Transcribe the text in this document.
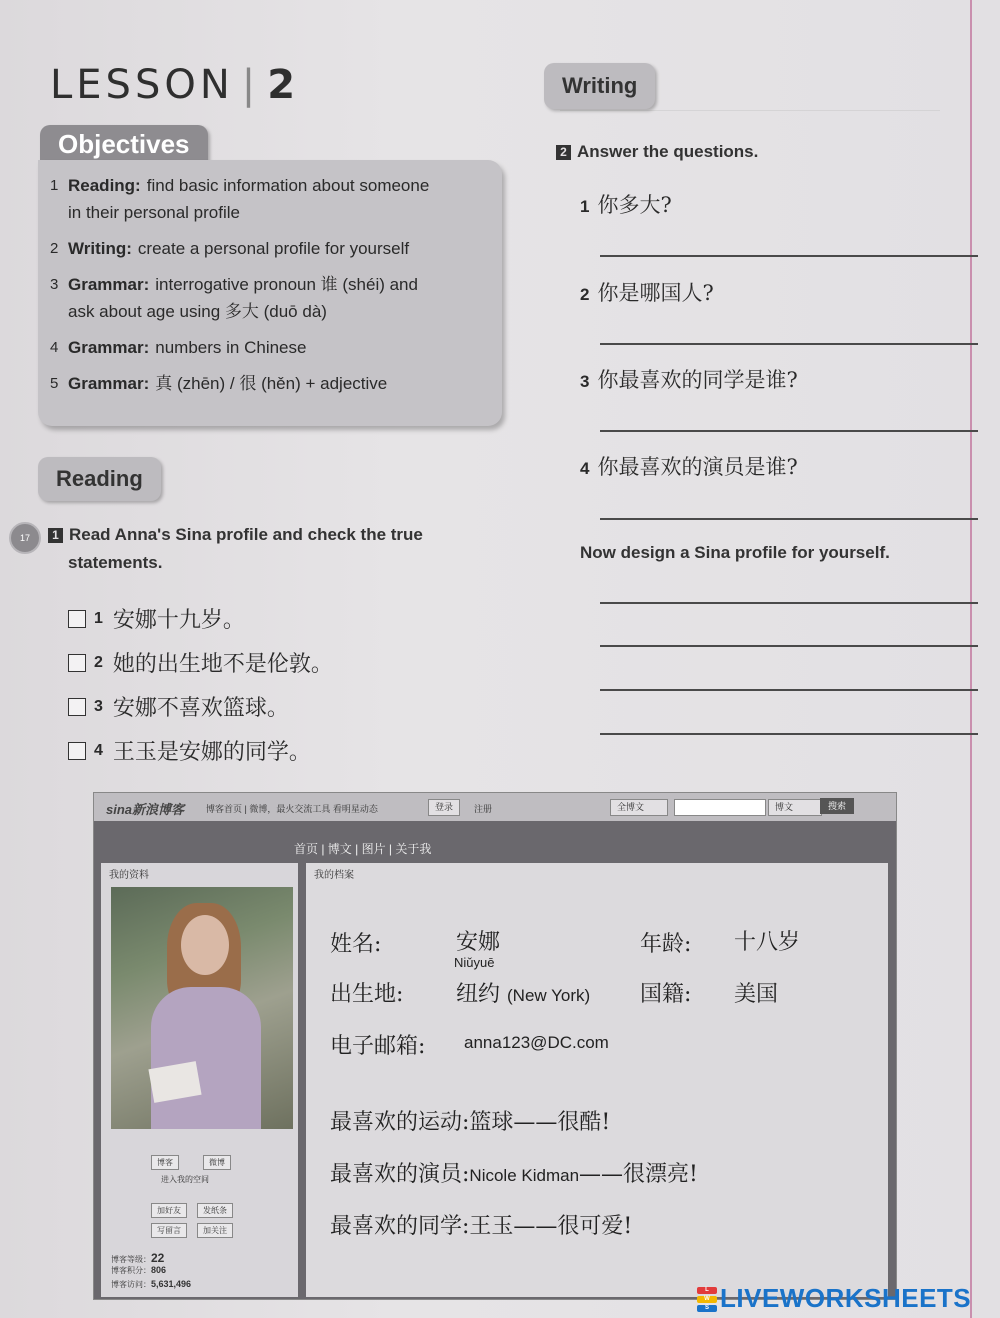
LESSON | 2
Objectives
1 Reading: find basic information about someone
in their personal profile
2 Writing: create a personal profile for yourself
3 Grammar: interrogative pronoun 谁 (shéi) and
ask about age using 多大 (duō dà)
4 Grammar: numbers in Chinese
5 Grammar: 真 (zhēn) / 很 (hěn) + adjective
Reading
17	1 Read Anna's Sina profile and check the true
statements.
1 安娜十九岁。
2 她的出生地不是伦敦。
3 安娜不喜欢篮球。
4 王玉是安娜的同学。
Writing
2 Answer the questions.
1 你多大?
2 你是哪国人?
3 你最喜欢的同学是谁?
4 你最喜欢的演员是谁?
Now design a Sina profile for yourself.
sina新浪博客 博客首页 | 微博，最火交流工具 看明星动态	登录	注册	全博文	博文	搜索
首页 | 博文 | 图片 | 关于我
我的资料
博客	微博
进入我的空间
加好友	发纸条
写留言	加关注
博客等级：22
博客积分：806
博客访问：5,631,496
我的档案
姓名:	安娜	年龄: 十八岁
Niǔyuē
出生地: 纽约 (New York) 国籍: 美国
电子邮箱: anna123@DC.com
最喜欢的运动:篮球——很酷!
最喜欢的演员:Nicole Kidman——很漂亮!
最喜欢的同学:王玉——很可爱!
L
W
S LIVEWORKSHEETS
